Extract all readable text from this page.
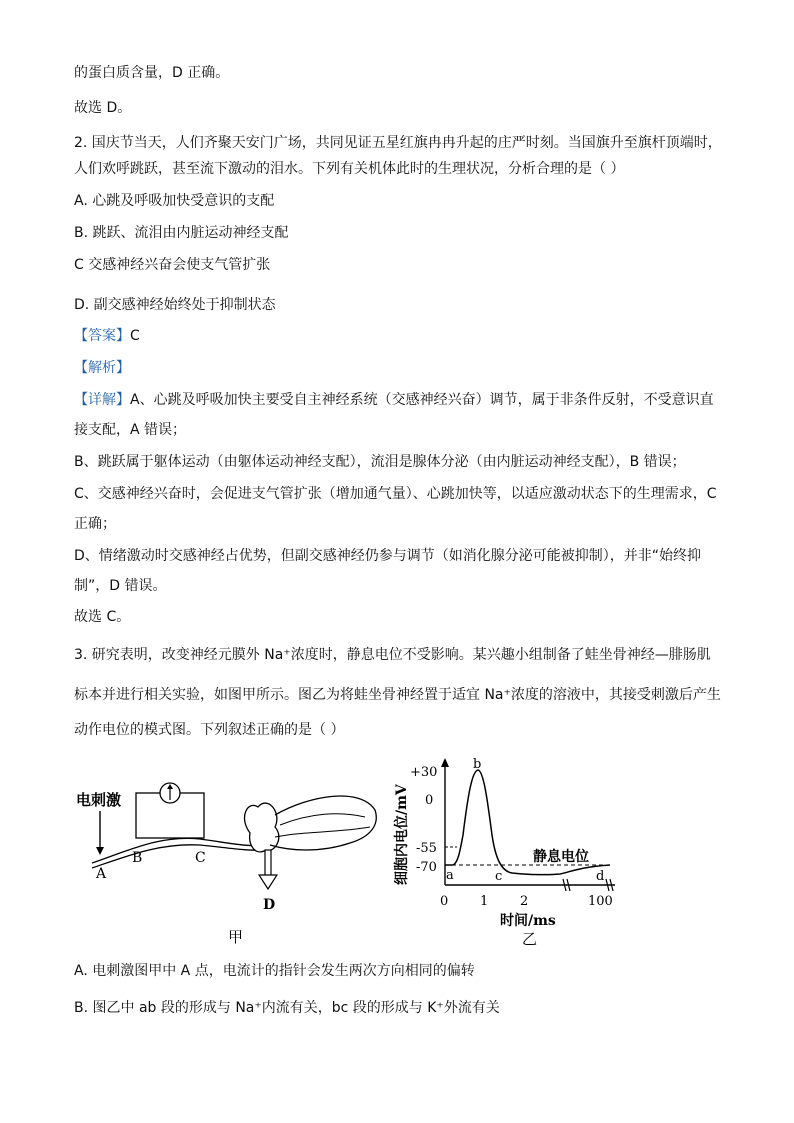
的蛋白质含量，D 正确。
故选 D。
2. 国庆节当天，人们齐聚天安门广场，共同见证五星红旗冉冉升起的庄严时刻。当国旗升至旗杆顶端时，
人们欢呼跳跃，甚至流下激动的泪水。下列有关机体此时的生理状况，分析合理的是（ ）
A. 心跳及呼吸加快受意识的支配
B. 跳跃、流泪由内脏运动神经支配
C 交感神经兴奋会使支气管扩张
D. 副交感神经始终处于抑制状态
【答案】C
【解析】
【详解】A、心跳及呼吸加快主要受自主神经系统（交感神经兴奋）调节，属于非条件反射，不受意识直
接支配，A 错误；
B、跳跃属于躯体运动（由躯体运动神经支配），流泪是腺体分泌（由内脏运动神经支配），B 错误；
C、交感神经兴奋时，会促进支气管扩张（增加通气量）、心跳加快等，以适应激动状态下的生理需求，C
正确；
D、情绪激动时交感神经占优势，但副交感神经仍参与调节（如消化腺分泌可能被抑制），并非“始终抑
制”，D 错误。
故选 C。
3. 研究表明，改变神经元膜外 Na⁺浓度时，静息电位不受影响。某兴趣小组制备了蛙坐骨神经—腓肠肌
标本并进行相关实验，如图甲所示。图乙为将蛙坐骨神经置于适宜 Na⁺浓度的溶液中，其接受刺激后产生
动作电位的模式图。下列叙述正确的是（ ）
电刺激
A
B	C
D
甲
细胞内电位/mV
+30
0
-55
-70
a
b
c	d
静息电位
0 1 2	100
时间/ms
乙
A. 电刺激图甲中 A 点，电流计的指针会发生两次方向相同的偏转
B. 图乙中 ab 段的形成与 Na⁺内流有关，bc 段的形成与 K⁺外流有关
